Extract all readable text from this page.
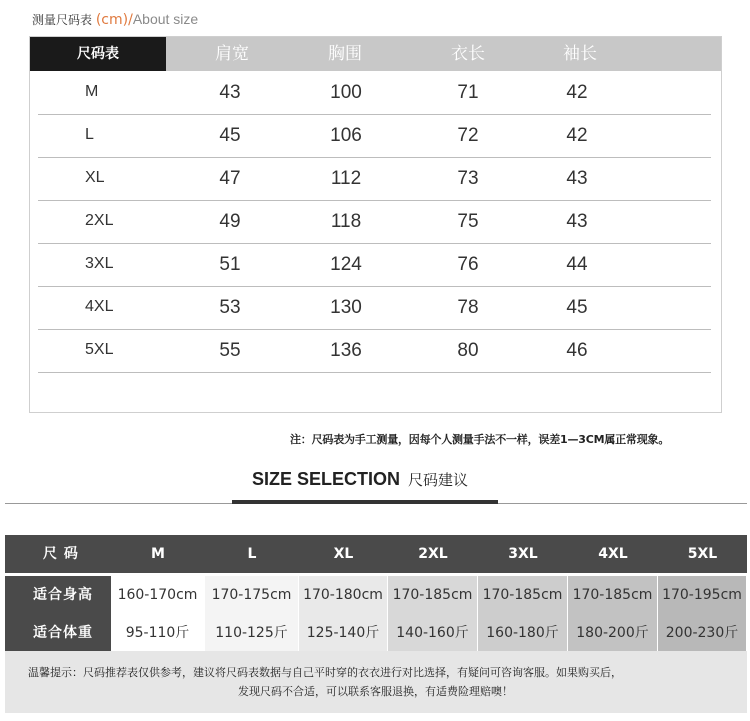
测量尺码表 (cm)/About size
尺码表	肩宽	胸围	衣长	袖长
M	43	100	71	42
L	45	106	72	42
XL	47	112	73	43
2XL	49	118	75	43
3XL	51	124	76	44
4XL	53	130	78	45
5XL	55	136	80	46
注：尺码表为手工测量，因每个人测量手法不一样，误差1—3CM属正常现象。
SIZE SELECTION 尺码建议
尺 码	M	L	XL	2XL	3XL	4XL	5XL
适合身高	160-170cm	170-175cm 170-180cm 170-185cm 170-185cm 170-185cm 170-195cm
适合体重	95-110斤	110-125斤	125-140斤	140-160斤	160-180斤	180-200斤	200-230斤
温馨提示：尺码推荐表仅供参考，建议将尺码表数据与自己平时穿的衣衣进行对比选择，有疑问可咨询客服。如果购买后，
发现尺码不合适，可以联系客服退换，有适费险理赔噢！
